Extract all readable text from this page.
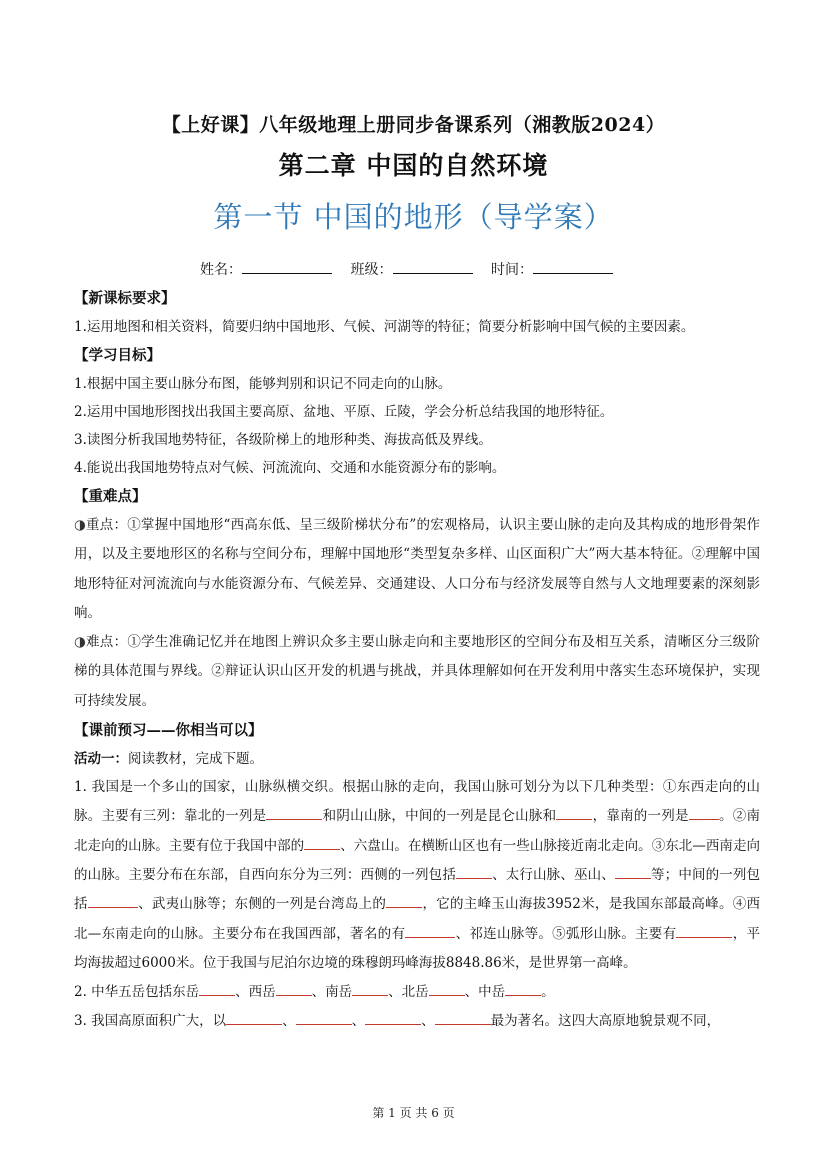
【上好课】八年级地理上册同步备课系列（湘教版2024）
第二章 中国的自然环境
第一节 中国的地形（导学案）
姓名：	班级：	时间：

【新课标要求】

1.运用地图和相关资料，简要归纳中国地形、气候、河湖等的特征；简要分析影响中国气候的主要因素。

【学习目标】

1.根据中国主要山脉分布图，能够判别和识记不同走向的山脉。

2.运用中国地形图找出我国主要高原、盆地、平原、丘陵，学会分析总结我国的地形特征。

3.读图分析我国地势特征，各级阶梯上的地形种类、海拔高低及界线。

4.能说出我国地势特点对气候、河流流向、交通和水能资源分布的影响。

【重难点】

◑重点：①掌握中国地形“西高东低、呈三级阶梯状分布”的宏观格局，认识主要山脉的走向及其构成的地形骨架作用，以及主要地形区的名称与空间分布，理解中国地形“类型复杂多样、山区面积广大”两大基本特征。②理解中国地形特征对河流流向与水能资源分布、气候差异、交通建设、人口分布与经济发展等自然与人文地理要素的深刻影响。

◑难点：①学生准确记忆并在地图上辨识众多主要山脉走向和主要地形区的空间分布及相互关系，清晰区分三级阶梯的具体范围与界线。②辩证认识山区开发的机遇与挑战，并具体理解如何在开发利用中落实生态环境保护，实现可持续发展。

【课前预习——你相当可以】

活动一：阅读教材，完成下题。

1. 我国是一个多山的国家，山脉纵横交织。根据山脉的走向，我国山脉可划分为以下几种类型：①东西走向的山脉。主要有三列：靠北的一列是	和阴山山脉，中间的一列是昆仑山脉和	，靠南的一列是 。②南北走向的山脉。主要有位于我国中部的	、六盘山。在横断山区也有一些山脉接近南北走向。③东北—西南走向的山脉。主要分布在东部，自西向东分为三列：西侧的一列包括	、太行山脉、巫山、	等；中间的一列包括	、武夷山脉等；东侧的一列是台湾岛上的	，它的主峰玉山海拔3952米，是我国东部最高峰。④西北—东南走向的山脉。主要分布在我国西部，著名的有	、祁连山脉等。⑤弧形山脉。主要有	，平均海拔超过6000米。位于我国与尼泊尔边境的珠穆朗玛峰海拔8848.86米，是世界第一高峰。

2. 中华五岳包括东岳	、西岳	、南岳	、北岳	、中岳	。

3. 我国高原面积广大，以	、	、	、	最为著名。这四大高原地貌景观不同，

第 1 页 共 6 页
